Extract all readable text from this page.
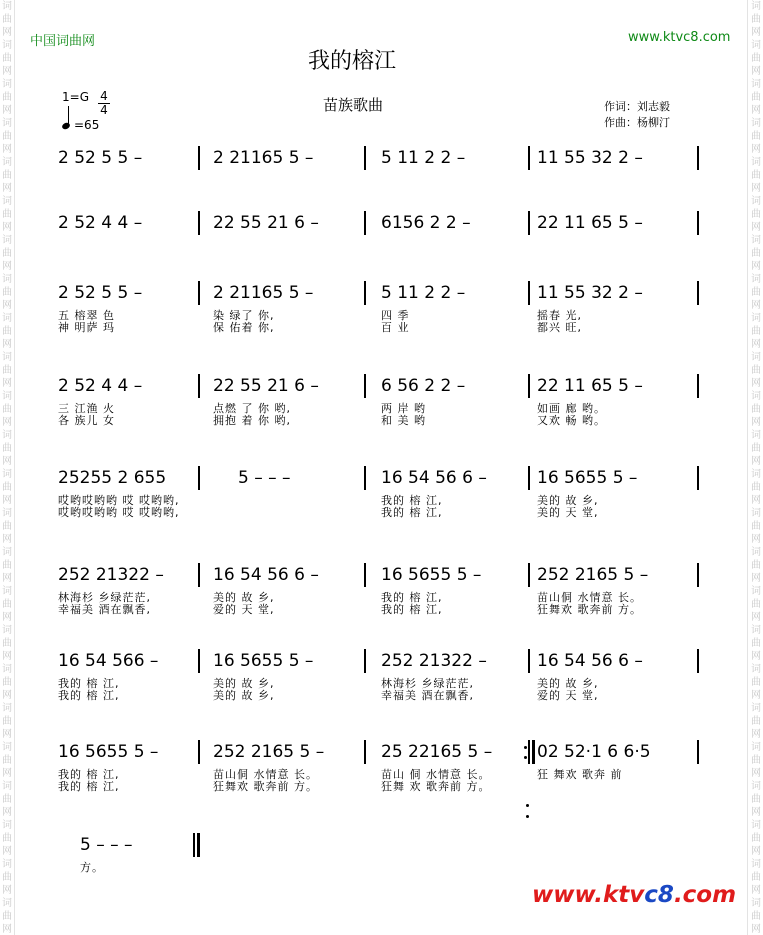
词
曲
网
词
曲
网
词
曲
网
词
曲
网
词
曲
网
词
曲
网
词
曲
网
词
曲
网
词
曲
网
词
曲
网
词
曲
网
词
曲
网
词
曲
网
词
曲
网
词
曲
网
词
曲
网
词
曲
网
词
曲
网
词
曲
网
词
曲
网
词
曲
网
词
曲
网
词
曲
网
词
曲
网
词
曲
网
词
曲
网
词
曲
网
词
曲
网
词
曲
网
词
曲
网
词
曲
网
词
曲
网
词
曲
网
词
曲
网
词
曲
网
词
曲
网
词
曲
网
词
曲
网
词
曲
网
词
曲
网
词
曲
网
词
曲
网
词
曲
网
词
曲
网
词
曲
网
词
曲
网
词
曲
网
词
曲
网
中国词曲网	www.ktvc8.com
我的榕江
苗族歌曲	作词：刘志毅
作曲：杨柳汀
1=G 4
4
=65
2 52 5 5 –	2 21165 5 –	5 11 2 2 –	11 55 32 2 –
2 52 4 4 –	22 55 21 6 –	6156 2 2 –	22 11 65 5 –
2 52 5 5 –
五 榕翠 色
神 明萨 玛
2 21165 5 –
染 绿了 你,
保 佑着 你,
5 11 2 2 –
四 季
百 业
11 55 32 2 –
摇春 光,
都兴 旺,
2 52 4 4 –
三 江渔 火
各 族儿 女
22 55 21 6 –
点燃 了 你 哟,
拥抱 着 你 哟,
6 56 2 2 –
两 岸 哟
和 美 哟
22 11 65 5 –
如画 廊 哟。
又欢 畅 哟。
25255 2 655
哎哟哎哟哟 哎 哎哟哟,
哎哟哎哟哟 哎 哎哟哟,
5 – – –	16 54 56 6 –
我的 榕 江,
我的 榕 江,
16 5655 5 –
美的 故 乡,
美的 天 堂,
252 21322 –
林海杉 乡绿茫茫,
幸福美 酒在飘香,
16 54 56 6 –
美的 故 乡,
爱的 天 堂,
16 5655 5 –
我的 榕 江,
我的 榕 江,
252 2165 5 –
苗山侗 水情意 长。
狂舞欢 歌奔前 方。
16 54 566 –
我的 榕 江,
我的 榕 江,
16 5655 5 –
美的 故 乡,
美的 故 乡,
252 21322 –
林海杉 乡绿茫茫,
幸福美 酒在飘香,
16 54 56 6 –
美的 故 乡,
爱的 天 堂,
16 5655 5 –
我的 榕 江,
我的 榕 江,
252 2165 5 –
苗山侗 水情意 长。
狂舞欢 歌奔前 方。
25 22165 5 –
苗山 侗 水情意 长。
狂舞 欢 歌奔前 方。
02 52·1 6 6·5
狂 舞欢 歌奔 前
5 – – –
方。
www.ktvc8.com
